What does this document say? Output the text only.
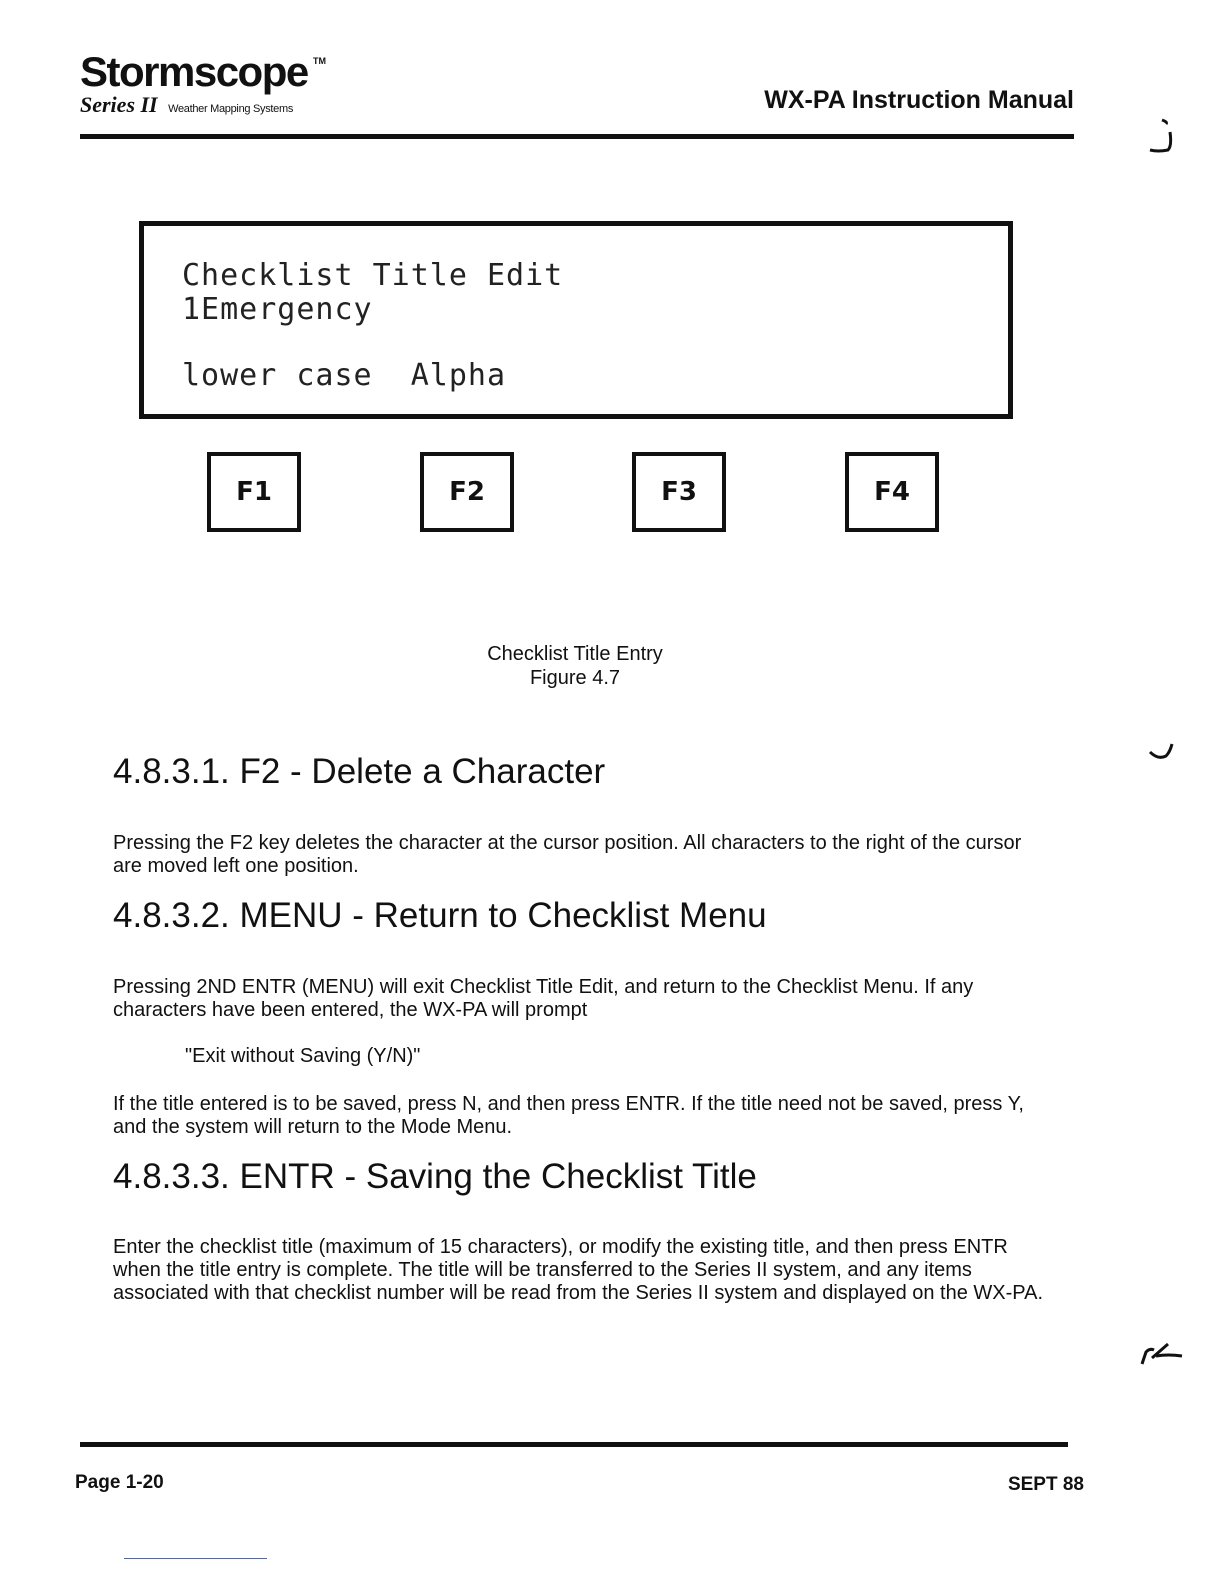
Stormscope TM
Series II Weather Mapping Systems	WX-PA Instruction Manual
Checklist Title Edit
1Emergency
lower case  Alpha
F1	F2	F3	F4
Checklist Title Entry
Figure 4.7
4.8.3.1. F2 - Delete a Character
Pressing the F2 key deletes the character at the cursor position. All characters to the right of the cursor are moved left one position.
4.8.3.2. MENU - Return to Checklist Menu
Pressing 2ND ENTR (MENU) will exit Checklist Title Edit, and return to the Checklist Menu. If any characters have been entered, the WX-PA will prompt
"Exit without Saving (Y/N)"
If the title entered is to be saved, press N, and then press ENTR. If the title need not be saved, press Y, and the system will return to the Mode Menu.
4.8.3.3. ENTR - Saving the Checklist Title
Enter the checklist title (maximum of 15 characters), or modify the existing title, and then press ENTR when the title entry is complete. The title will be transferred to the Series II system, and any items associated with that checklist number will be read from the Series II system and displayed on the WX-PA.
Page 1-20	SEPT 88
